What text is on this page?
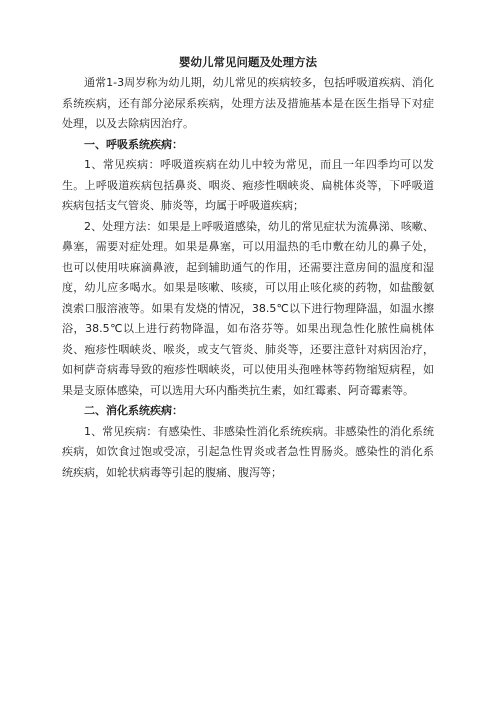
婴幼儿常见问题及处理方法

通常1-3周岁称为幼儿期，幼儿常见的疾病较多，包括呼吸道疾病、消化系统疾病，还有部分泌尿系疾病，处理方法及措施基本是在医生指导下对症处理，以及去除病因治疗。

一、呼吸系统疾病：

1、常见疾病：呼吸道疾病在幼儿中较为常见，而且一年四季均可以发生。上呼吸道疾病包括鼻炎、咽炎、疱疹性咽峡炎、扁桃体炎等，下呼吸道疾病包括支气管炎、肺炎等，均属于呼吸道疾病；

2、处理方法：如果是上呼吸道感染，幼儿的常见症状为流鼻涕、咳嗽、鼻塞，需要对症处理。如果是鼻塞，可以用温热的毛巾敷在幼儿的鼻子处，也可以使用呋麻滴鼻液，起到辅助通气的作用，还需要注意房间的温度和湿度，幼儿应多喝水。如果是咳嗽、咳痰，可以用止咳化痰的药物，如盐酸氨溴索口服溶液等。如果有发烧的情况，38.5℃以下进行物理降温，如温水擦浴，38.5℃以上进行药物降温，如布洛芬等。如果出现急性化脓性扁桃体炎、疱疹性咽峡炎、喉炎，或支气管炎、肺炎等，还要注意针对病因治疗，如柯萨奇病毒导致的疱疹性咽峡炎，可以使用头孢唑林等药物缩短病程，如果是支原体感染，可以选用大环内酯类抗生素，如红霉素、阿奇霉素等。

二、消化系统疾病：

1、常见疾病：有感染性、非感染性消化系统疾病。非感染性的消化系统疾病，如饮食过饱或受凉，引起急性胃炎或者急性胃肠炎。感染性的消化系统疾病，如轮状病毒等引起的腹痛、腹泻等；
